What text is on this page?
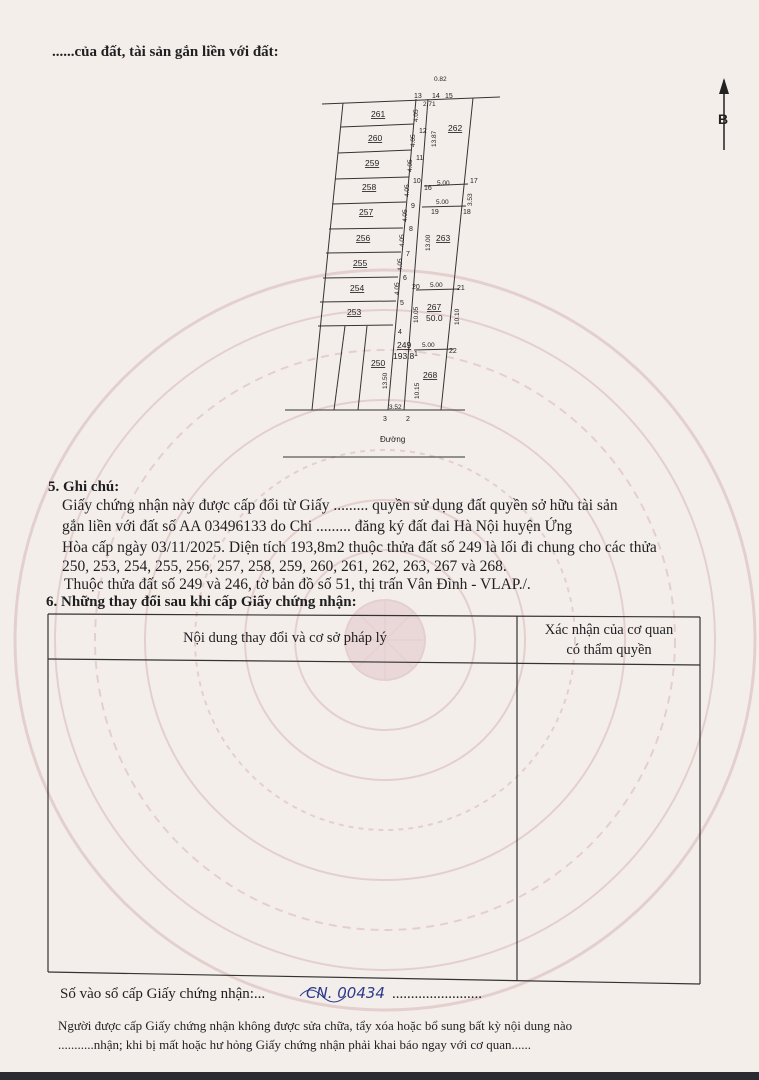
261
260
259
258
257
256
255
254
253
262
263
267
249
250
268
50.0
193.8
13 14 15
12
11
10
16
17
9
19	18
8
7
6
20	21
5
4
1	22
3	2
0.82
2.71
5.00
5.00
5.00
5.00
3.52
4.05
4.05
4.05
4.05
4.05
4.05
4.05
4.05
13.87
3.53
13.00
10.05	10.10
13.50
10.15
Đường
B
......của đất, tài sản gắn liền với đất:
5. Ghi chú:
Giấy chứng nhận này được cấp đổi từ Giấy ......... quyền sử dụng đất quyền sở hữu tài sản
gắn liền với đất số AA 03496133 do Chi ......... đăng ký đất đai Hà Nội huyện Ứng
Hòa cấp ngày 03/11/2025. Diện tích 193,8m2 thuộc thửa đất số 249 là lối đi chung cho các thửa
250, 253, 254, 255, 256, 257, 258, 259, 260, 261, 262, 263, 267 và 268.
Thuộc thửa đất số 249 và 246, tờ bản đồ số 51, thị trấn Vân Đình - VLAP./.
6. Những thay đổi sau khi cấp Giấy chứng nhận:
Nội dung thay đổi và cơ sở pháp lý	Xác nhận của cơ quan
có thẩm quyền
Số vào sổ cấp Giấy chứng nhận:...	CN. 00434 ........................
Người được cấp Giấy chứng nhận không được sửa chữa, tẩy xóa hoặc bổ sung bất kỳ nội dung nào
...........nhận; khi bị mất hoặc hư hỏng Giấy chứng nhận phải khai báo ngay với cơ quan......
